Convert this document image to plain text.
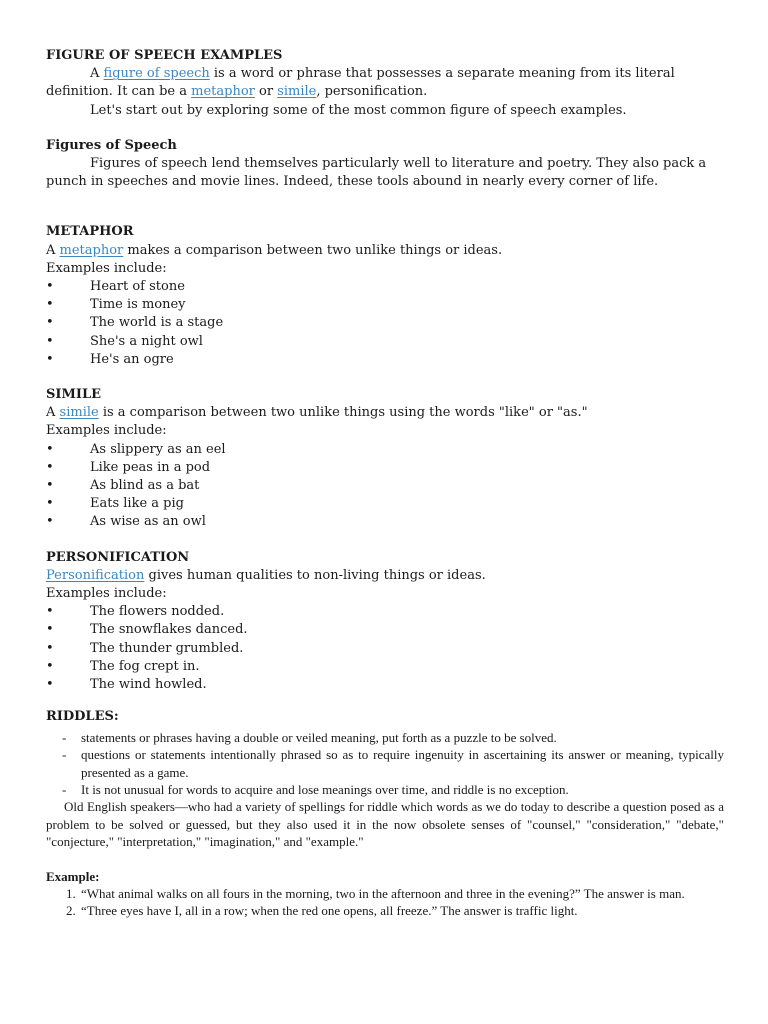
FIGURE OF SPEECH EXAMPLES
A figure of speech is a word or phrase that possesses a separate meaning from its literal definition. It can be a metaphor or simile, personification.
Let's start out by exploring some of the most common figure of speech examples.
Figures of Speech
Figures of speech lend themselves particularly well to literature and poetry. They also pack a punch in speeches and movie lines. Indeed, these tools abound in nearly every corner of life.
METAPHOR
A metaphor makes a comparison between two unlike things or ideas.
Examples include:
•	Heart of stone
•	Time is money
•	The world is a stage
•	She's a night owl
•	He's an ogre
SIMILE
A simile is a comparison between two unlike things using the words "like" or "as."
Examples include:
•	As slippery as an eel
•	Like peas in a pod
•	As blind as a bat
•	Eats like a pig
•	As wise as an owl
PERSONIFICATION
Personification gives human qualities to non-living things or ideas.
Examples include:
•	The flowers nodded.
•	The snowflakes danced.
•	The thunder grumbled.
•	The fog crept in.
•	The wind howled.
RIDDLES:
- statements or phrases having a double or veiled meaning, put forth as a puzzle to be solved.
- questions or statements intentionally phrased so as to require ingenuity in ascertaining its answer or meaning, typically presented as a game.
- It is not unusual for words to acquire and lose meanings over time, and riddle is no exception.
Old English speakers—who had a variety of spellings for riddle which words as we do today to describe a question posed as a problem to be solved or guessed, but they also used it in the now obsolete senses of "counsel," "consideration," "debate," "conjecture," "interpretation," "imagination," and "example."
Example:
1. “What animal walks on all fours in the morning, two in the afternoon and three in the evening?” The answer is man.
2. “Three eyes have I, all in a row; when the red one opens, all freeze.” The answer is traffic light.
